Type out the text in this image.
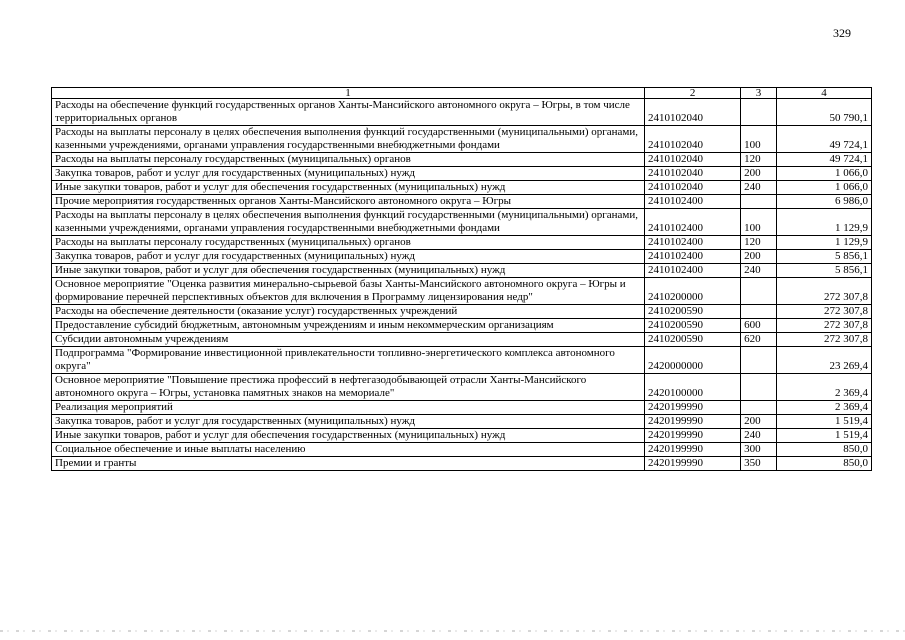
329
1	2	3	4
Расходы на обеспечение функций государственных органов Ханты-Мансийского автономного округа – Югры, в том числе территориальных органов	2410102040		50 790,1
Расходы на выплаты персоналу в целях обеспечения выполнения функций государственными (муниципальными) органами, казенными учреждениями, органами управления государственными внебюджетными фондами	2410102040	100	49 724,1
Расходы на выплаты персоналу государственных (муниципальных) органов	2410102040	120	49 724,1
Закупка товаров, работ и услуг для государственных (муниципальных) нужд	2410102040	200	1 066,0
Иные закупки товаров, работ и услуг для обеспечения государственных (муниципальных) нужд	2410102040	240	1 066,0
Прочие мероприятия государственных органов Ханты-Мансийского автономного округа – Югры	2410102400		6 986,0
Расходы на выплаты персоналу в целях обеспечения выполнения функций государственными (муниципальными) органами, казенными учреждениями, органами управления государственными внебюджетными фондами	2410102400	100	1 129,9
Расходы на выплаты персоналу государственных (муниципальных) органов	2410102400	120	1 129,9
Закупка товаров, работ и услуг для государственных (муниципальных) нужд	2410102400	200	5 856,1
Иные закупки товаров, работ и услуг для обеспечения государственных (муниципальных) нужд	2410102400	240	5 856,1
Основное мероприятие "Оценка развития минерально-сырьевой базы Ханты-Мансийского автономного округа – Югры и формирование перечней перспективных объектов для включения в Программу лицензирования недр"	2410200000		272 307,8
Расходы на обеспечение деятельности (оказание услуг) государственных учреждений	2410200590		272 307,8
Предоставление субсидий бюджетным, автономным учреждениям и иным некоммерческим организациям	2410200590	600	272 307,8
Субсидии автономным учреждениям	2410200590	620	272 307,8
Подпрограмма "Формирование инвестиционной привлекательности топливно-энергетического комплекса автономного округа"	2420000000		23 269,4
Основное мероприятие "Повышение престижа профессий в нефтегазодобывающей отрасли Ханты-Мансийского автономного округа – Югры, установка памятных знаков на мемориале"	2420100000		2 369,4
Реализация мероприятий	2420199990		2 369,4
Закупка товаров, работ и услуг для государственных (муниципальных) нужд	2420199990	200	1 519,4
Иные закупки товаров, работ и услуг для обеспечения государственных (муниципальных) нужд	2420199990	240	1 519,4
Социальное обеспечение и иные выплаты населению	2420199990	300	850,0
Премии и гранты	2420199990	350	850,0
